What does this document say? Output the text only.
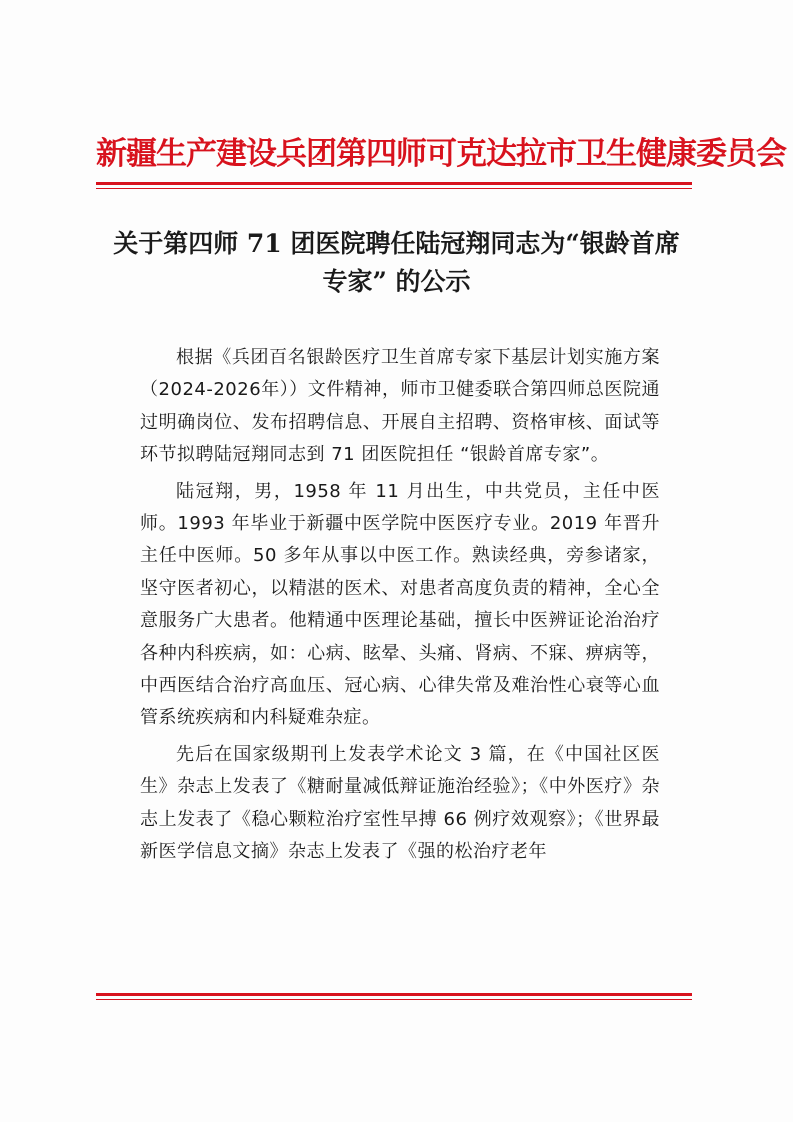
新疆生产建设兵团第四师可克达拉市卫生健康委员会
关于第四师 71 团医院聘任陆冠翔同志为“银龄首席专家” 的公示

根据《兵团百名银龄医疗卫生首席专家下基层计划实施方案（2024-2026年））文件精神，师市卫健委联合第四师总医院通过明确岗位、发布招聘信息、开展自主招聘、资格审核、面试等环节拟聘陆冠翔同志到 71 团医院担任 “银龄首席专家”。

陆冠翔，男，1958 年 11 月出生，中共党员，主任中医师。1993 年毕业于新疆中医学院中医医疗专业。2019 年晋升主任中医师。50 多年从事以中医工作。熟读经典，旁参诸家，坚守医者初心，以精湛的医术、对患者高度负责的精神，全心全意服务广大患者。他精通中医理论基础，擅长中医辨证论治治疗各种内科疾病，如：心病、眩晕、头痛、肾病、不寐、痹病等，中西医结合治疗高血压、冠心病、心律失常及难治性心衰等心血管系统疾病和内科疑难杂症。

先后在国家级期刊上发表学术论文 3 篇，在《中国社区医生》杂志上发表了《糖耐量减低辩证施治经验》；《中外医疗》杂志上发表了《稳心颗粒治疗室性早搏 66 例疗效观察》；《世界最新医学信息文摘》杂志上发表了《强的松治疗老年
